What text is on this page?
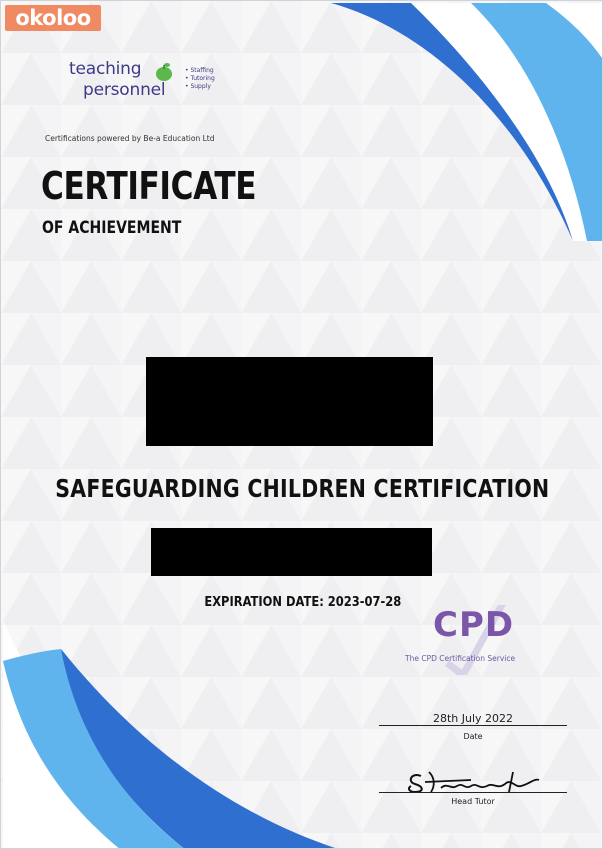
okoloo
teaching
personnel
• Staffing
• Tutoring
• Supply
Certifications powered by Be-a Education Ltd
CERTIFICATE
OF ACHIEVEMENT
SAFEGUARDING CHILDREN CERTIFICATION
EXPIRATION DATE: 2023-07-28
CPD
The CPD Certification Service
28th July 2022
Date
Head Tutor
